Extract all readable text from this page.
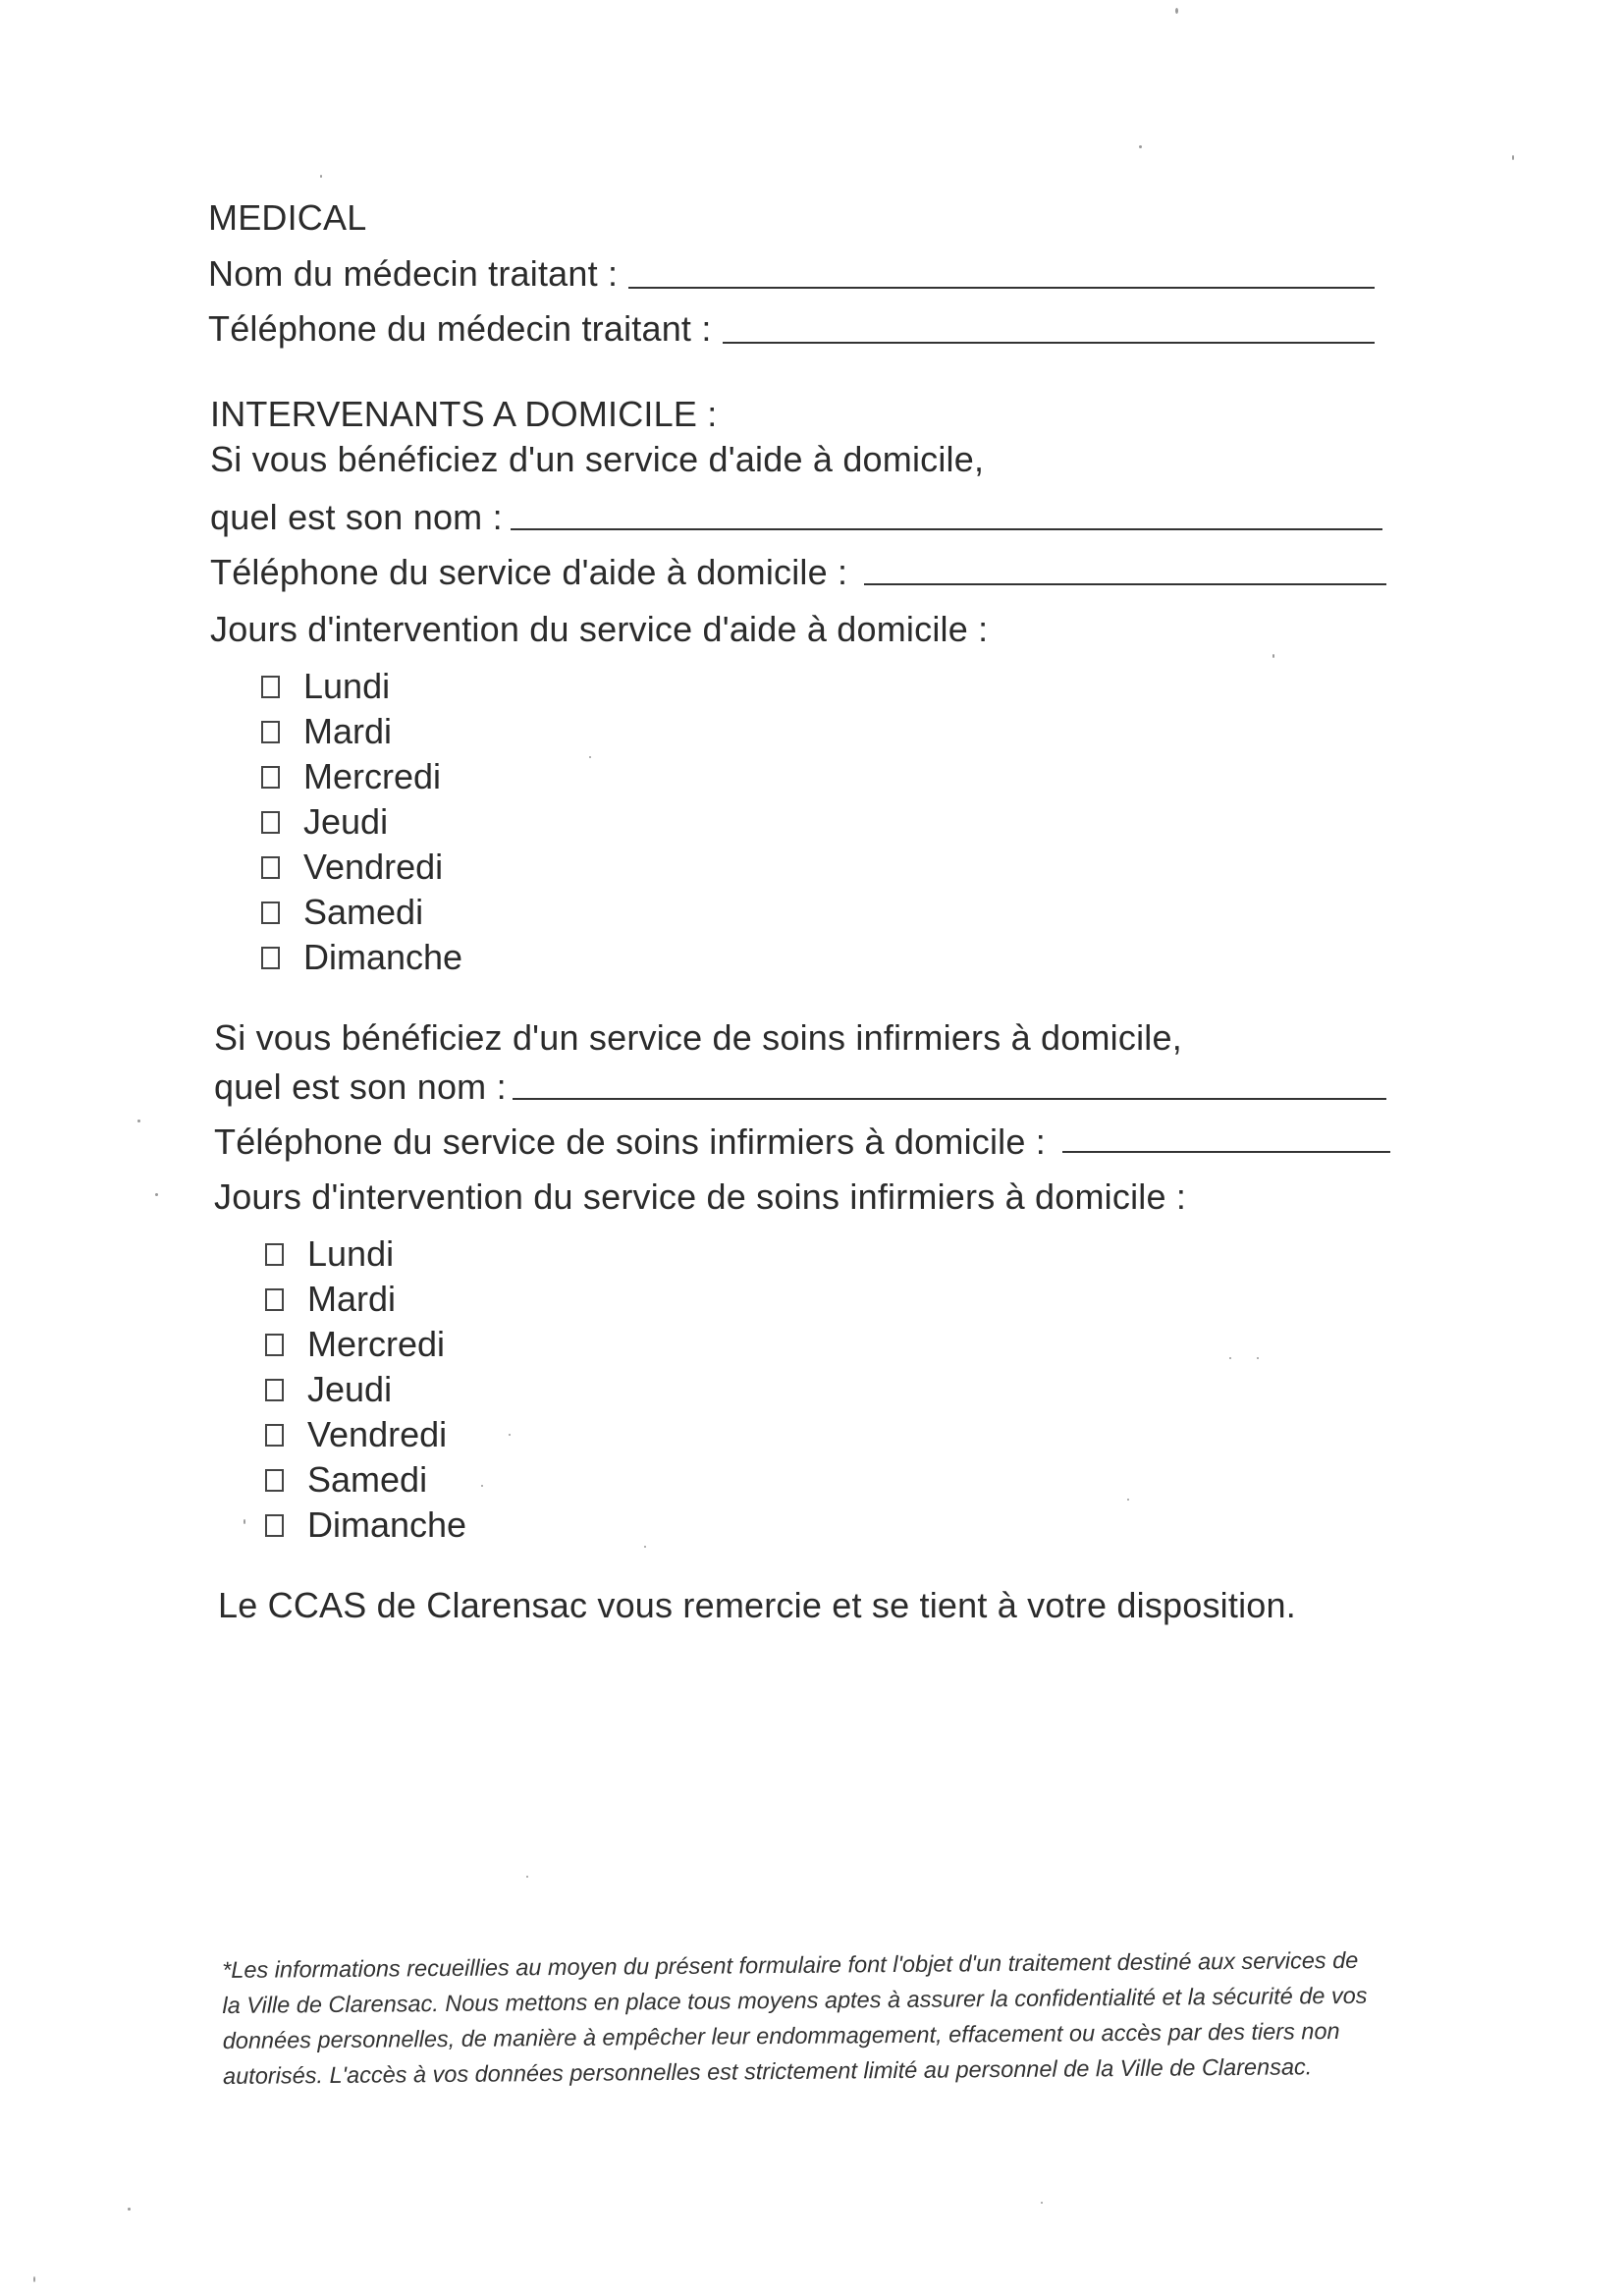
MEDICAL
Nom du médecin traitant :
Téléphone du médecin traitant :
INTERVENANTS A DOMICILE :
Si vous bénéficiez d'un service d'aide à domicile,
quel est son nom :
Téléphone du service d'aide à domicile :
Jours d'intervention du service d'aide à domicile :
Lundi
Mardi
Mercredi
Jeudi
Vendredi
Samedi
Dimanche
Si vous bénéficiez d'un service de soins infirmiers à domicile,
quel est son nom :
Téléphone du service de soins infirmiers à domicile :
Jours d'intervention du service de soins infirmiers à domicile :
Lundi
Mardi
Mercredi
Jeudi
Vendredi
Samedi
Dimanche
Le CCAS de Clarensac vous remercie et se tient à votre disposition.
*Les informations recueillies au moyen du présent formulaire font l'objet d'un traitement destiné aux services de la Ville de Clarensac. Nous mettons en place tous moyens aptes à assurer la confidentialité et la sécurité de vos données personnelles, de manière à empêcher leur endommagement, effacement ou accès par des tiers non autorisés. L'accès à vos données personnelles est strictement limité au personnel de la Ville de Clarensac.
